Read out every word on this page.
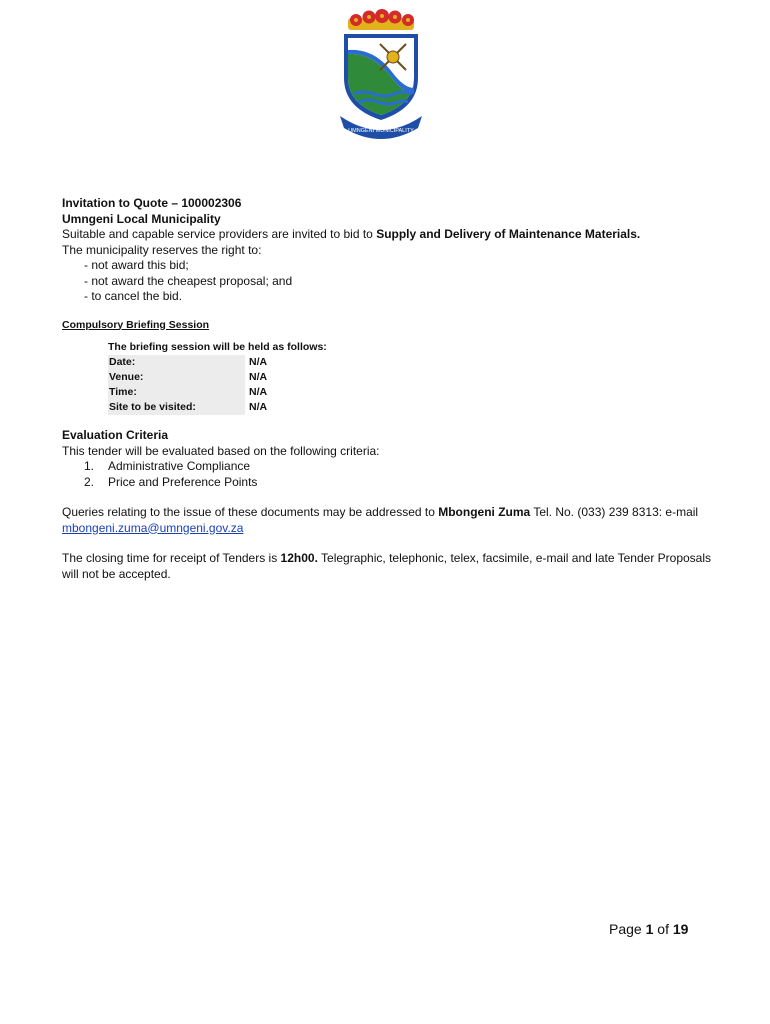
UMNGENI MUNICIPALITY
Invitation to Quote – 100002306
Umngeni Local Municipality
Suitable and capable service providers are invited to bid to Supply and Delivery of Maintenance Materials.
The municipality reserves the right to:
- not award this bid;
- not award the cheapest proposal; and
- to cancel the bid.
Compulsory Briefing Session
The briefing session will be held as follows:
Date:	N/A
Venue:	N/A
Time:	N/A
Site to be visited:	N/A
Evaluation Criteria
This tender will be evaluated based on the following criteria:
1. Administrative Compliance
2. Price and Preference Points
Queries relating to the issue of these documents may be addressed to Mbongeni Zuma Tel. No. (033) 239 8313: e-mail
mbongeni.zuma@umngeni.gov.za
The closing time for receipt of Tenders is 12h00. Telegraphic, telephonic, telex, facsimile, e-mail and late Tender Proposals
will not be accepted.
Page 1 of 19
